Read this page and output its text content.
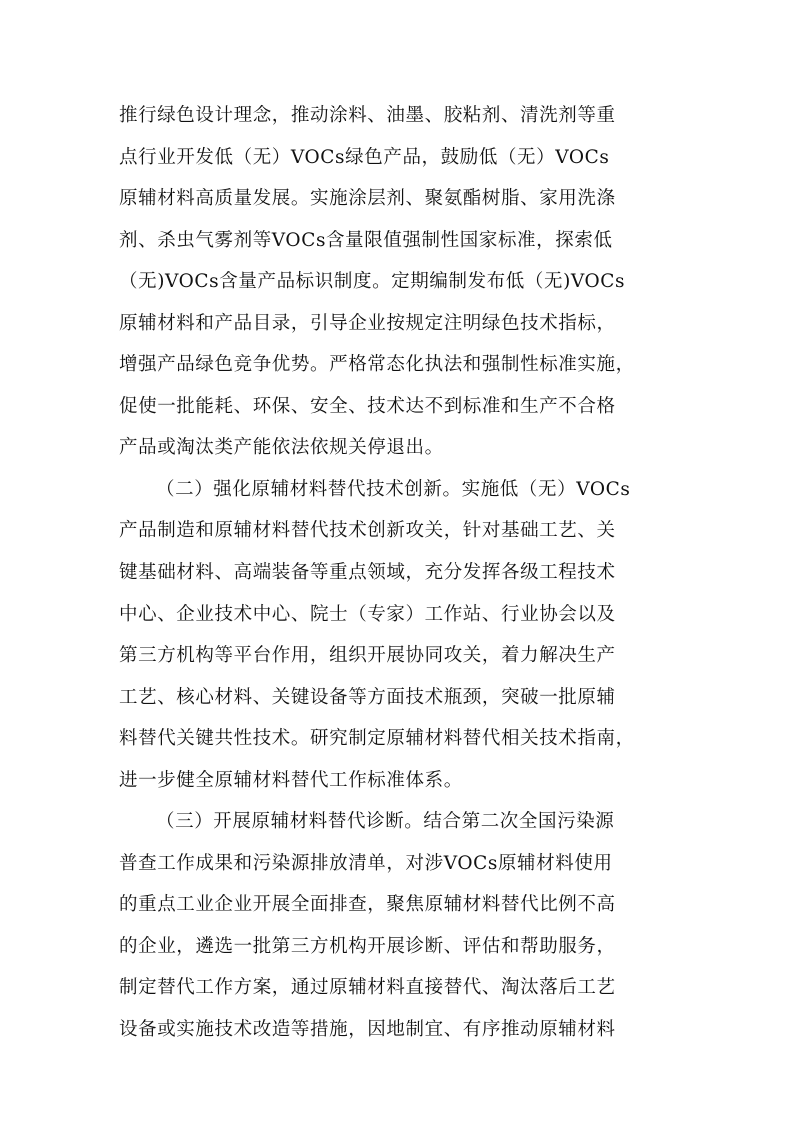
推行绿色设计理念，推动涂料、油墨、胶粘剂、清洗剂等重
点行业开发低（无）VOCs绿色产品，鼓励低（无）VOCs
原辅材料高质量发展。实施涂层剂、聚氨酯树脂、家用洗涤
剂、杀虫气雾剂等VOCs含量限值强制性国家标准，探索低
（无)VOCs含量产品标识制度。定期编制发布低（无)VOCs
原辅材料和产品目录，引导企业按规定注明绿色技术指标，
增强产品绿色竞争优势。严格常态化执法和强制性标准实施，
促使一批能耗、环保、安全、技术达不到标准和生产不合格
产品或淘汰类产能依法依规关停退出。
（二）强化原辅材料替代技术创新。实施低（无）VOCs
产品制造和原辅材料替代技术创新攻关，针对基础工艺、关
键基础材料、高端装备等重点领域，充分发挥各级工程技术
中心、企业技术中心、院士（专家）工作站、行业协会以及
第三方机构等平台作用，组织开展协同攻关，着力解决生产
工艺、核心材料、关键设备等方面技术瓶颈，突破一批原辅
料替代关键共性技术。研究制定原辅材料替代相关技术指南，
进一步健全原辅材料替代工作标准体系。
（三）开展原辅材料替代诊断。结合第二次全国污染源
普查工作成果和污染源排放清单，对涉VOCs原辅材料使用
的重点工业企业开展全面排查，聚焦原辅材料替代比例不高
的企业，遴选一批第三方机构开展诊断、评估和帮助服务，
制定替代工作方案，通过原辅材料直接替代、淘汰落后工艺
设备或实施技术改造等措施，因地制宜、有序推动原辅材料
